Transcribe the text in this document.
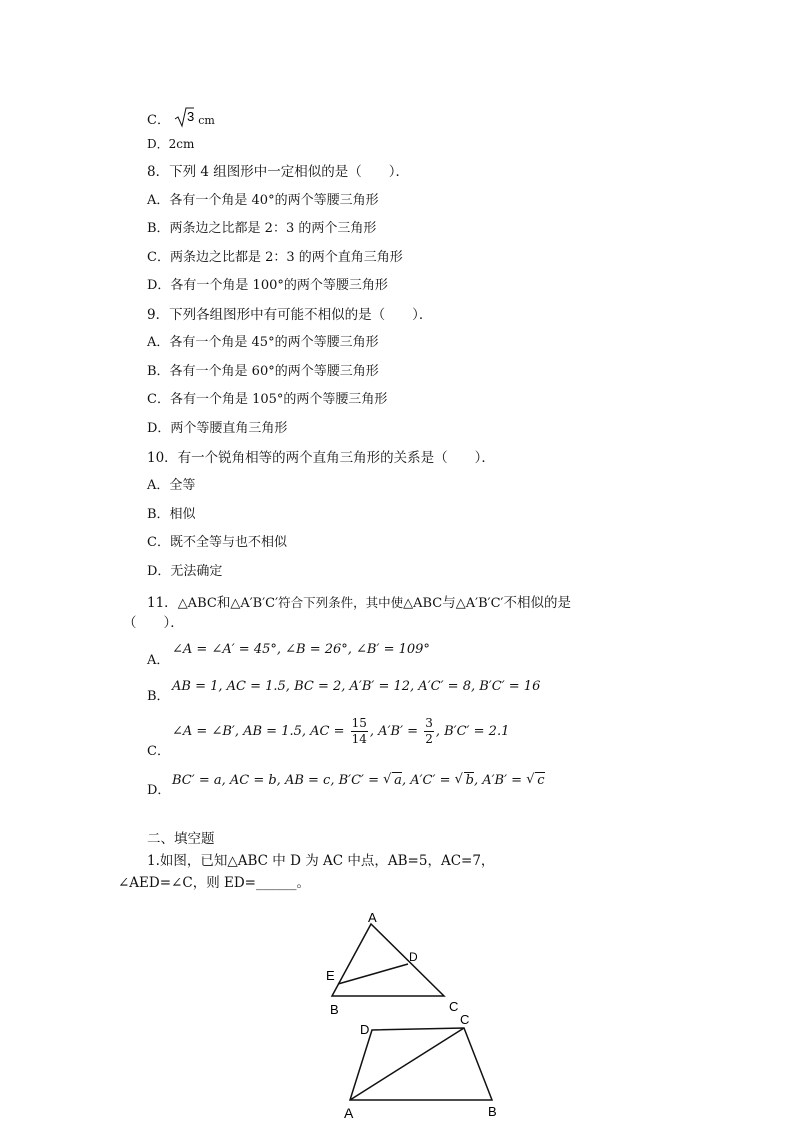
C． 3 cm
D．2cm
8．下列 4 组图形中一定相似的是（　　）．
A．各有一个角是 40°的两个等腰三角形
B．两条边之比都是 2：3 的两个三角形
C．两条边之比都是 2：3 的两个直角三角形
D．各有一个角是 100°的两个等腰三角形
9．下列各组图形中有可能不相似的是（　　）．
A．各有一个角是 45°的两个等腰三角形
B．各有一个角是 60°的两个等腰三角形
C．各有一个角是 105°的两个等腰三角形
D．两个等腰直角三角形
10．有一个锐角相等的两个直角三角形的关系是（　　）．
A．全等
B．相似
C．既不全等与也不相似
D．无法确定
11．△ABC和△A′B′C′符合下列条件，其中使△ABC与△A′B′C′不相似的是
（　　）．
A．
∠A = ∠A′ = 45°, ∠B = 26°, ∠B′ = 109°
B．
AB = 1, AC = 1.5, BC = 2, A′B′ = 12, A′C′ = 8, B′C′ = 16
C．
∠A = ∠B′, AB = 1.5, AC = $\frac{15}{14}$ , $A'B' = \frac{3}{2}$ , B′C′ = 2.1
D．
BC′ = a, AC = b, AB = c, B′C′ = √ a, A′C′ = √ b, A′B′ = √ c
二、填空题
1.如图，已知△ABC 中 D 为 AC 中点，AB=5，AC=7，
∠AED=∠C，则 ED=______。
A
D
E
B	C
D
C
A	B
